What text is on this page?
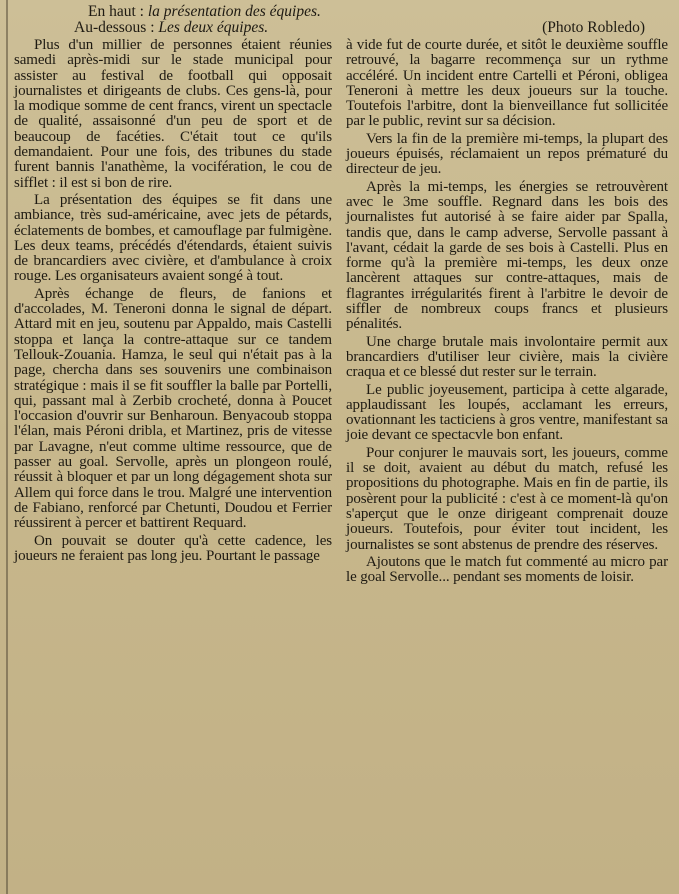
En haut : la présentation des équipes.
Au-dessous : Les deux équipes.	(Photo Robledo)

Plus d'un millier de personnes étaient réunies samedi après-midi sur le stade municipal pour assister au festival de football qui opposait journalistes et dirigeants de clubs. Ces gens-là, pour la modique somme de cent francs, virent un spectacle de qualité, assaisonné d'un peu de sport et de beaucoup de facéties. C'était tout ce qu'ils demandaient. Pour une fois, des tribunes du stade furent bannis l'anathème, la vocifération, le cou de sifflet : il est si bon de rire.

La présentation des équipes se fit dans une ambiance, très sud-américaine, avec jets de pétards, éclatements de bombes, et camouflage par fulmigène. Les deux teams, précédés d'étendards, étaient suivis de brancardiers avec civière, et d'ambulance à croix rouge. Les organisateurs avaient songé à tout.

Après échange de fleurs, de fanions et d'accolades, M. Teneroni donna le signal de départ. Attard mit en jeu, soutenu par Appaldo, mais Castelli stoppa et lança la contre-attaque sur ce tandem Tellouk-Zouania. Hamza, le seul qui n'était pas à la page, chercha dans ses souvenirs une combinaison stratégique : mais il se fit souffler la balle par Portelli, qui, passant mal à Zerbib crocheté, donna à Poucet l'occasion d'ouvrir sur Benharoun. Benyacoub stoppa l'élan, mais Péroni dribla, et Martinez, pris de vitesse par Lavagne, n'eut comme ultime ressource, que de passer au goal. Servolle, après un plongeon roulé, réussit à bloquer et par un long dégagement shota sur Allem qui force dans le trou. Malgré une intervention de Fabiano, renforcé par Chetunti, Doudou et Ferrier réussirent à percer et battirent Requard.

On pouvait se douter qu'à cette cadence, les joueurs ne feraient pas long jeu. Pourtant le passage

à vide fut de courte durée, et sitôt le deuxième souffle retrouvé, la bagarre recommença sur un rythme accéléré. Un incident entre Cartelli et Péroni, obligea Teneroni à mettre les deux joueurs sur la touche. Toutefois l'arbitre, dont la bienveillance fut sollicitée par le public, revint sur sa décision.

Vers la fin de la première mi-temps, la plupart des joueurs épuisés, réclamaient un repos prématuré du directeur de jeu.

Après la mi-temps, les énergies se retrouvèrent avec le 3me souffle. Regnard dans les bois des journalistes fut autorisé à se faire aider par Spalla, tandis que, dans le camp adverse, Servolle passant à l'avant, cédait la garde de ses bois à Castelli. Plus en forme qu'à la première mi-temps, les deux onze lancèrent attaques sur contre-attaques, mais de flagrantes irrégularités firent à l'arbitre le devoir de siffler de nombreux coups francs et plusieurs pénalités.

Une charge brutale mais involontaire permit aux brancardiers d'utiliser leur civière, mais la civière craqua et ce blessé dut rester sur le terrain.

Le public joyeusement, participa à cette algarade, applaudissant les loupés, acclamant les erreurs, ovationnant les tacticiens à gros ventre, manifestant sa joie devant ce spectacvle bon enfant.

Pour conjurer le mauvais sort, les joueurs, comme il se doit, avaient au début du match, refusé les propositions du photographe. Mais en fin de partie, ils posèrent pour la publicité : c'est à ce moment-là qu'on s'aperçut que le onze dirigeant comprenait douze joueurs. Toutefois, pour éviter tout incident, les journalistes se sont abstenus de prendre des réserves.

Ajoutons que le match fut commenté au micro par le goal Servolle... pendant ses moments de loisir.
